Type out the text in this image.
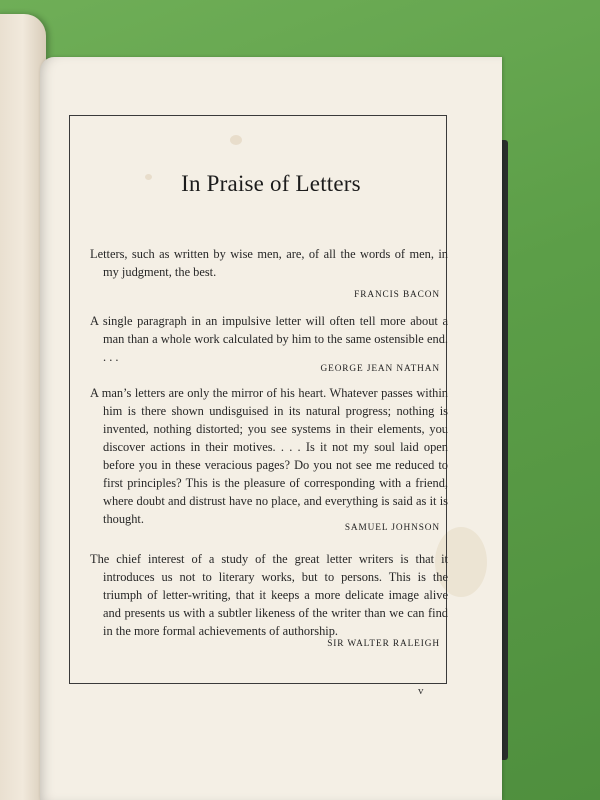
In Praise of Letters
Letters, such as written by wise men, are, of all the words of men, in my judgment, the best.
FRANCIS BACON
A single paragraph in an impulsive letter will often tell more about a man than a whole work calculated by him to the same ostensible end. . . .
GEORGE JEAN NATHAN
A man’s letters are only the mirror of his heart. Whatever passes within him is there shown undisguised in its natural progress; nothing is invented, nothing distorted; you see systems in their elements, you discover actions in their motives. . . . Is it not my soul laid open before you in these veracious pages? Do you not see me reduced to first principles? This is the pleasure of corresponding with a friend, where doubt and distrust have no place, and everything is said as it is thought.
SAMUEL JOHNSON
The chief interest of a study of the great letter writers is that it introduces us not to literary works, but to persons. This is the triumph of letter-writing, that it keeps a more delicate image alive and presents us with a subtler likeness of the writer than we can find in the more formal achievements of authorship.
SIR WALTER RALEIGH
v
